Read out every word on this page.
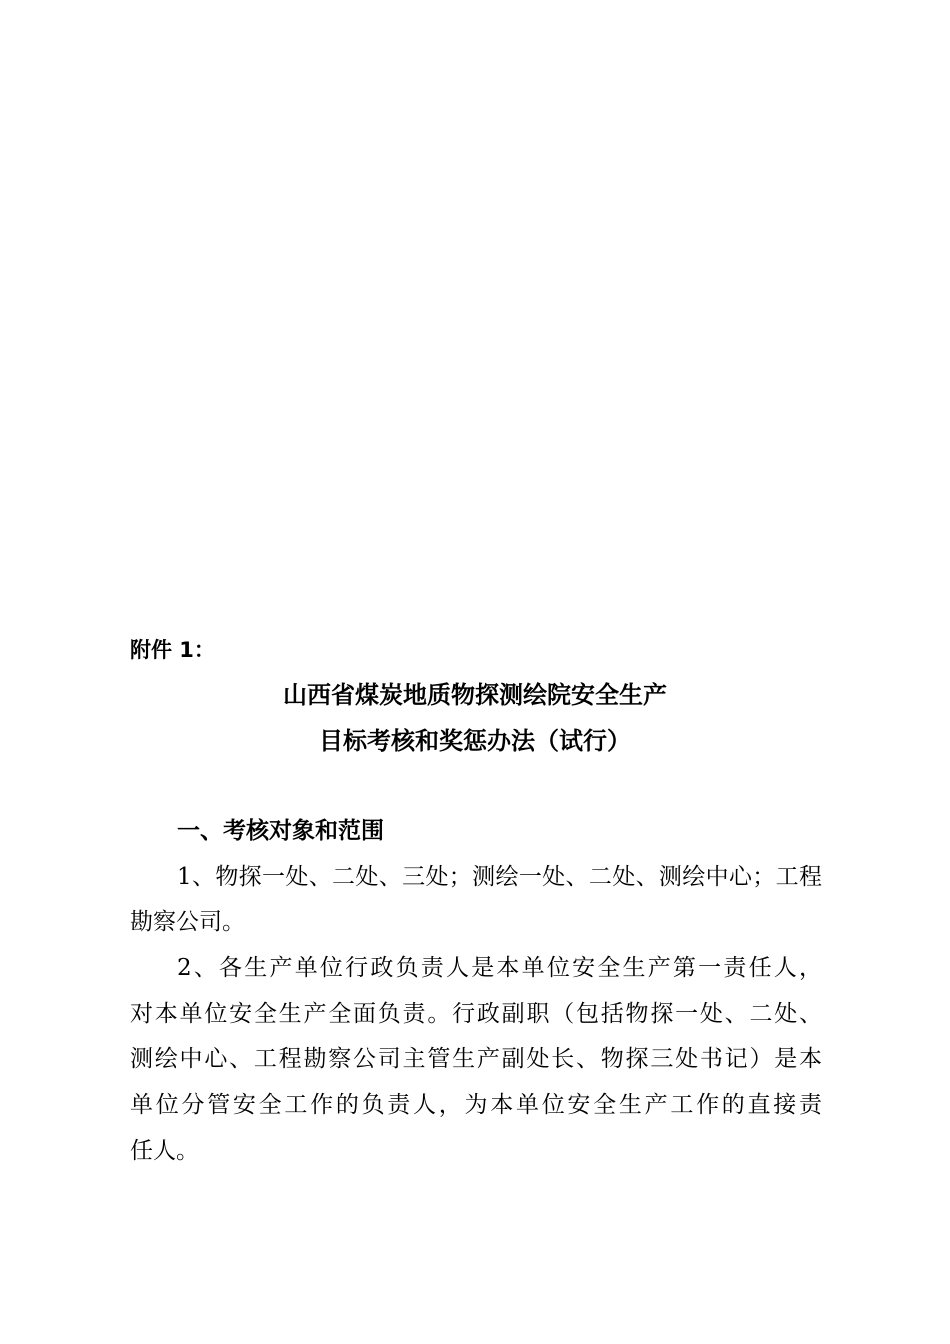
附件 1：
山西省煤炭地质物探测绘院安全生产
目标考核和奖惩办法（试行）
一、考核对象和范围
1、物探一处、二处、三处；测绘一处、二处、测绘中心；工程
勘察公司。
2、各生产单位行政负责人是本单位安全生产第一责任人，
对本单位安全生产全面负责。行政副职（包括物探一处、二处、
测绘中心、工程勘察公司主管生产副处长、物探三处书记）是本
单位分管安全工作的负责人，为本单位安全生产工作的直接责
任人。
